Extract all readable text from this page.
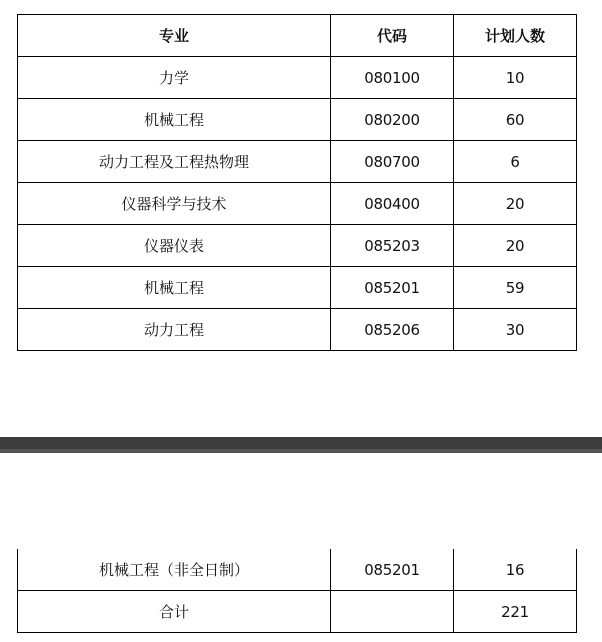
专业	代码	计划人数
力学	080100	10
机械工程	080200	60
动力工程及工程热物理	080700	6
仪器科学与技术	080400	20
仪器仪表	085203	20
机械工程	085201	59
动力工程	085206	30
机械工程（非全日制）	085201	16
合计		221
